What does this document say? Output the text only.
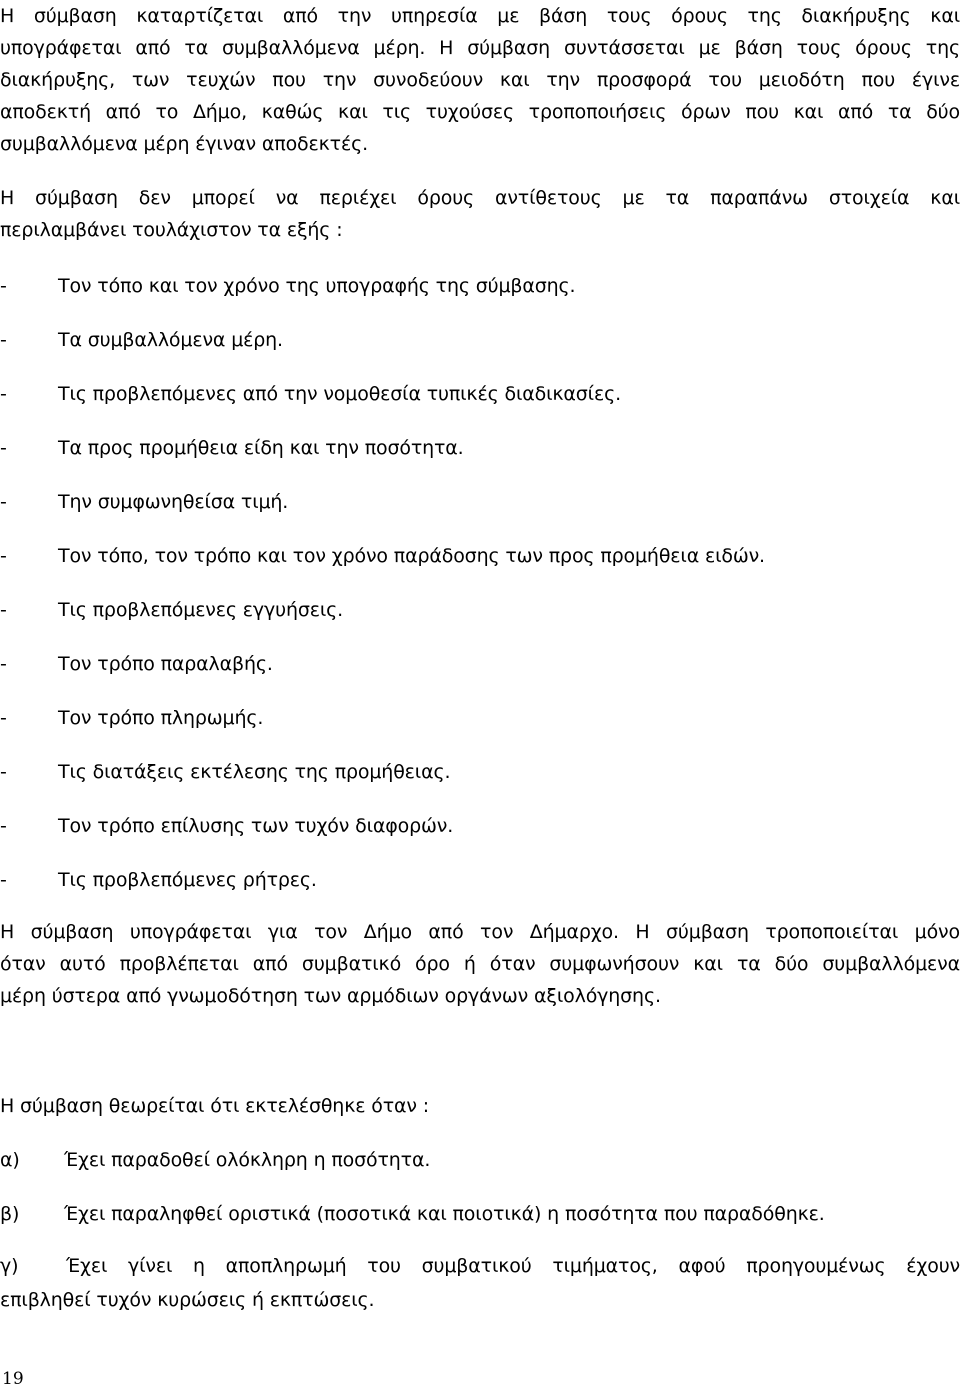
Η σύμβαση καταρτίζεται από την υπηρεσία με βάση τους όρους της διακήρυξης και
υπογράφεται από τα συμβαλλόμενα μέρη. Η σύμβαση συντάσσεται με βάση τους όρους της
διακήρυξης, των τευχών που την συνοδεύουν και την προσφορά του μειοδότη που έγινε
αποδεκτή από το Δήμο, καθώς και τις τυχούσες τροποποιήσεις όρων που και από τα δύο
συμβαλλόμενα μέρη έγιναν αποδεκτές.
Η σύμβαση δεν μπορεί να περιέχει όρους αντίθετους με τα παραπάνω στοιχεία και
περιλαμβάνει τουλάχιστον τα εξής :
-	Τον τόπο και τον χρόνο της υπογραφής της σύμβασης.
-	Τα συμβαλλόμενα μέρη.
-	Τις προβλεπόμενες από την νομοθεσία τυπικές διαδικασίες.
-	Τα προς προμήθεια είδη και την ποσότητα.
-	Την συμφωνηθείσα τιμή.
-	Τον τόπο, τον τρόπο και τον χρόνο παράδοσης των προς προμήθεια ειδών.
-	Τις προβλεπόμενες εγγυήσεις.
-	Τον τρόπο παραλαβής.
-	Τον τρόπο πληρωμής.
-	Τις διατάξεις εκτέλεσης της προμήθειας.
-	Τον τρόπο επίλυσης των τυχόν διαφορών.
-	Τις προβλεπόμενες ρήτρες.
Η σύμβαση υπογράφεται για τον Δήμο από τον Δήμαρχο. Η σύμβαση τροποποιείται μόνο
όταν αυτό προβλέπεται από συμβατικό όρο ή όταν συμφωνήσουν και τα δύο συμβαλλόμενα
μέρη ύστερα από γνωμοδότηση των αρμόδιων οργάνων αξιολόγησης.
Η σύμβαση θεωρείται ότι εκτελέσθηκε όταν :
α) Έχει παραδοθεί ολόκληρη η ποσότητα.
β) Έχει παραληφθεί οριστικά (ποσοτικά και ποιοτικά) η ποσότητα που παραδόθηκε.
γ)	Έχει γίνει η αποπληρωμή του συμβατικού τιμήματος, αφού προηγουμένως έχουν
επιβληθεί τυχόν κυρώσεις ή εκπτώσεις.
19
